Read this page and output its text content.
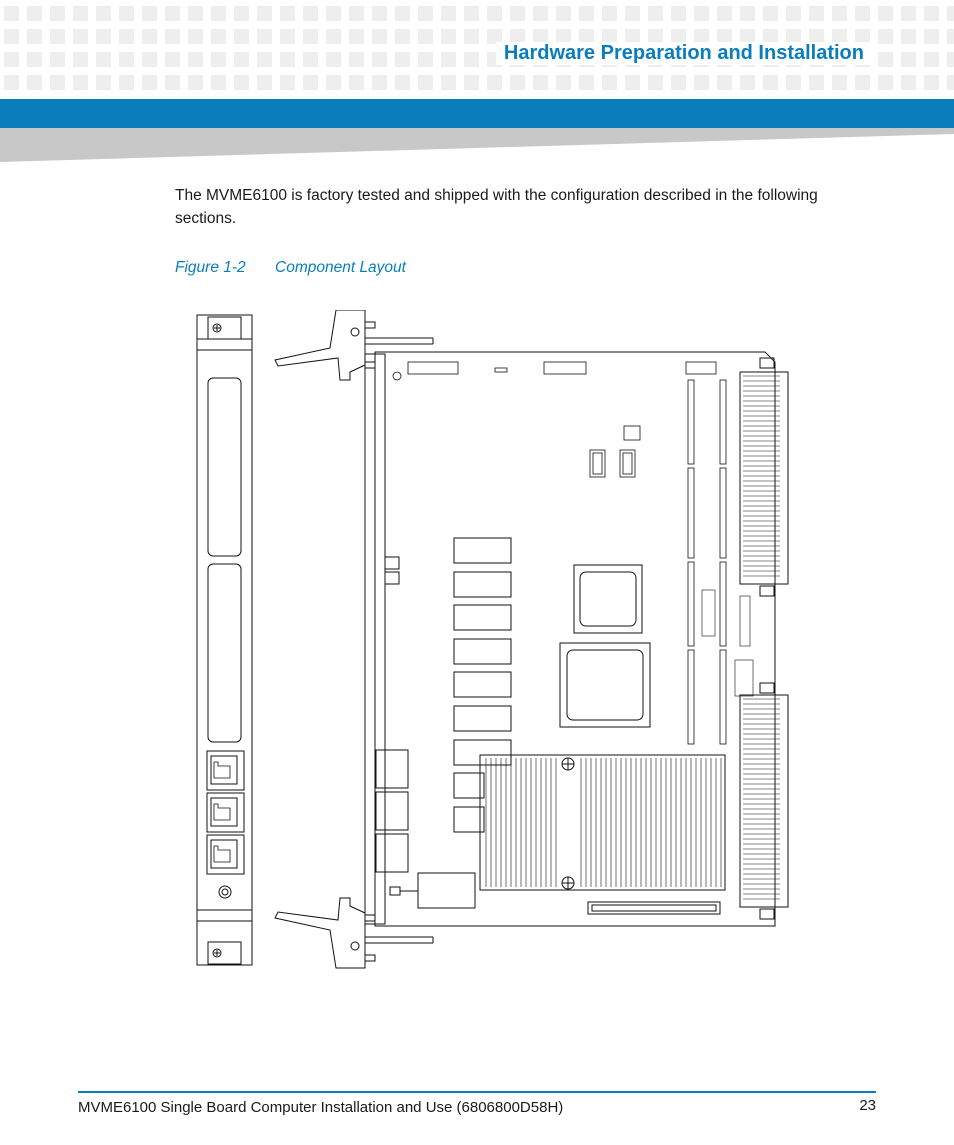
Hardware Preparation and Installation

The MVME6100 is factory tested and shipped with the configuration described in the following sections.

Figure 1-2 Component Layout

MVME6100 Single Board Computer Installation and Use (6806800D58H)	23
